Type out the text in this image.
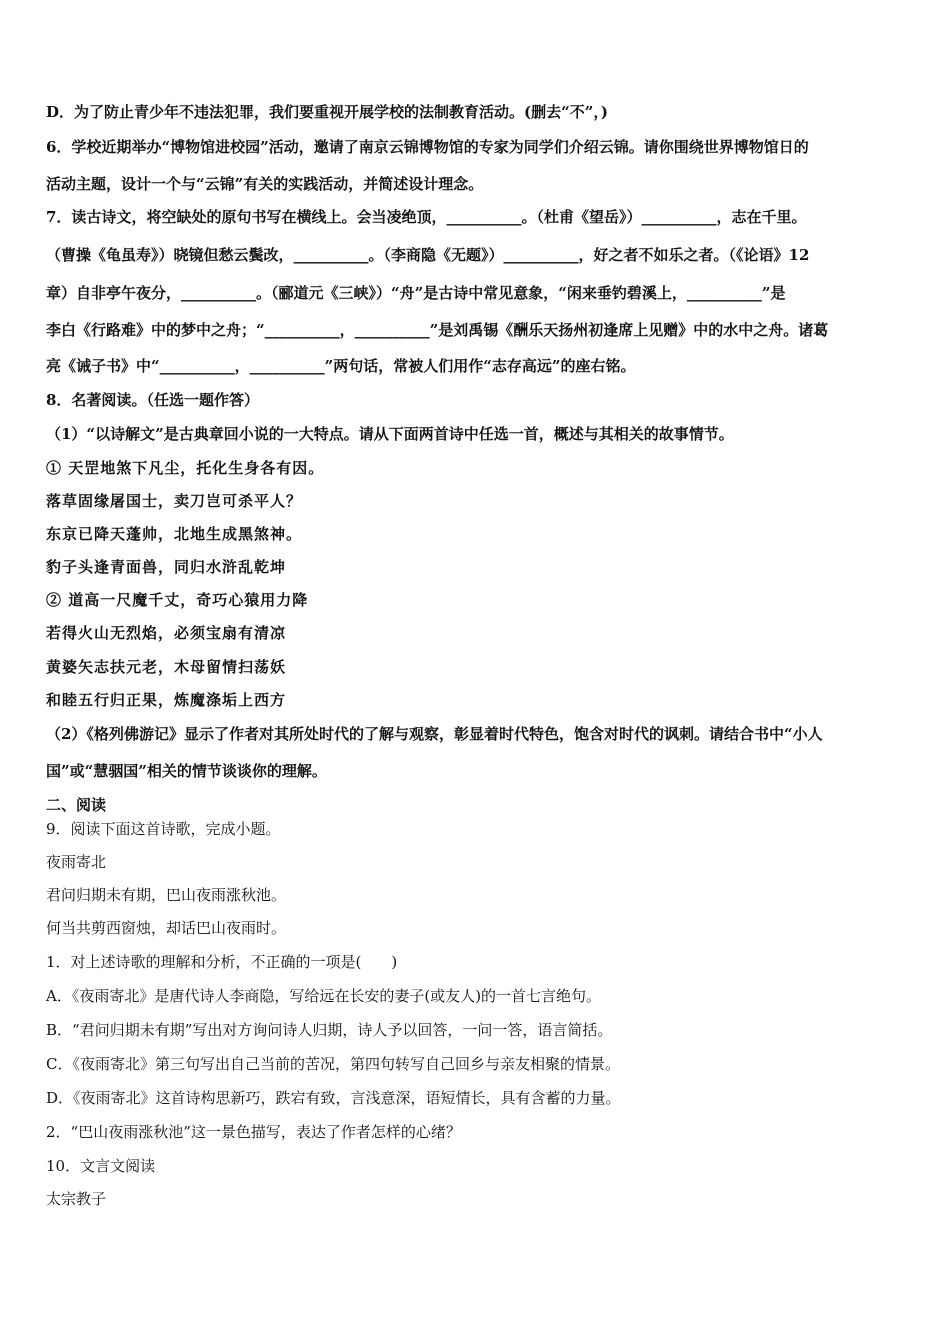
D．为了防止青少年不违法犯罪，我们要重视开展学校的法制教育活动。(删去“不”，)
6．学校近期举办“博物馆进校园”活动，邀请了南京云锦博物馆的专家为同学们介绍云锦。请你围绕世界博物馆日的
活动主题，设计一个与“云锦”有关的实践活动，并简述设计理念。
7．读古诗文，将空缺处的原句书写在横线上。会当凌绝顶，__________。（杜甫《望岳》）__________，志在千里。
（曹操《龟虽寿》）晓镜但愁云鬓改，__________。（李商隐《无题》）__________，好之者不如乐之者。（《论语》12
章）自非亭午夜分，__________。（郦道元《三峡》）“舟”是古诗中常见意象，“闲来垂钓碧溪上，__________”是
李白《行路难》中的梦中之舟；“__________，__________”是刘禹锡《酬乐天扬州初逢席上见赠》中的水中之舟。诸葛
亮《诫子书》中“__________，__________”两句话，常被人们用作“志存高远”的座右铭。
8．名著阅读。（任选一题作答）
（1）“以诗解文”是古典章回小说的一大特点。请从下面两首诗中任选一首，概述与其相关的故事情节。
① 天罡地煞下凡尘，托化生身各有因。
落草固缘屠国士，卖刀岂可杀平人？
东京已降天蓬帅，北地生成黑煞神。
豹子头逢青面兽，同归水浒乱乾坤
② 道高一尺魔千丈，奇巧心猿用力降
若得火山无烈焰，必须宝扇有清凉
黄婆矢志扶元老，木母留情扫荡妖
和睦五行归正果，炼魔涤垢上西方
（2）《格列佛游记》显示了作者对其所处时代的了解与观察，彰显着时代特色，饱含对时代的讽刺。请结合书中“小人
国”或“慧骃国”相关的情节谈谈你的理解。
二、阅读
9．阅读下面这首诗歌，完成小题。
夜雨寄北
君问归期未有期，巴山夜雨涨秋池。
何当共剪西窗烛，却话巴山夜雨时。
1．对上述诗歌的理解和分析，不正确的一项是(　　)
A．《夜雨寄北》是唐代诗人李商隐，写给远在长安的妻子(或友人)的一首七言绝句。
B．“君问归期未有期”写出对方询问诗人归期，诗人予以回答，一问一答，语言简括。
C．《夜雨寄北》第三句写出自己当前的苦况，第四句转写自己回乡与亲友相聚的情景。
D．《夜雨寄北》这首诗构思新巧，跌宕有致，言浅意深，语短情长，具有含蓄的力量。
2．“巴山夜雨涨秋池”这一景色描写，表达了作者怎样的心绪？
10．文言文阅读
太宗教子
